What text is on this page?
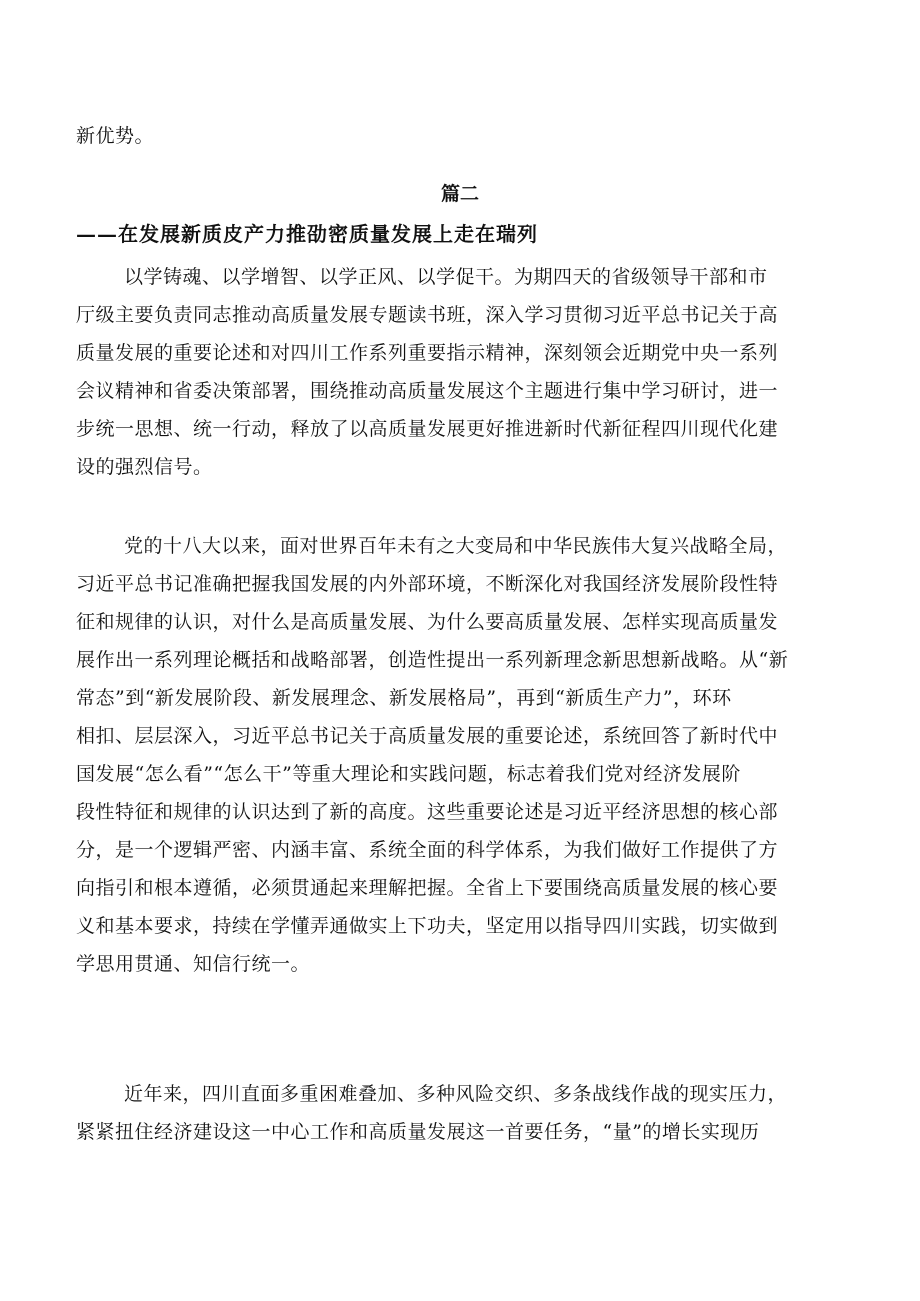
新优势。
篇二
——在发展新质皮产力推劭密质量发展上走在瑞列
以学铸魂、以学增智、以学正风、以学促干。为期四天的省级领导干部和市
厅级主要负责同志推动高质量发展专题读书班，深入学习贯彻习近平总书记关于高
质量发展的重要论述和对四川工作系列重要指示精神，深刻领会近期党中央一系列
会议精神和省委决策部署，围绕推动高质量发展这个主题进行集中学习研讨，进一
步统一思想、统一行动，释放了以高质量发展更好推进新时代新征程四川现代化建
设的强烈信号。
党的十八大以来，面对世界百年未有之大变局和中华民族伟大复兴战略全局，
习近平总书记准确把握我国发展的内外部环境，不断深化对我国经济发展阶段性特
征和规律的认识，对什么是高质量发展、为什么要高质量发展、怎样实现高质量发
展作出一系列理论概括和战略部署，创造性提出一系列新理念新思想新战略。从“新
常态”到“新发展阶段、新发展理念、新发展格局”，再到“新质生产力”，环环
相扣、层层深入，习近平总书记关于高质量发展的重要论述，系统回答了新时代中
国发展“怎么看”“怎么干”等重大理论和实践问题，标志着我们党对经济发展阶
段性特征和规律的认识达到了新的高度。这些重要论述是习近平经济思想的核心部
分，是一个逻辑严密、内涵丰富、系统全面的科学体系，为我们做好工作提供了方
向指引和根本遵循，必须贯通起来理解把握。全省上下要围绕高质量发展的核心要
义和基本要求，持续在学懂弄通做实上下功夫，坚定用以指导四川实践，切实做到
学思用贯通、知信行统一。
近年来，四川直面多重困难叠加、多种风险交织、多条战线作战的现实压力，
紧紧扭住经济建设这一中心工作和高质量发展这一首要任务，“量”的增长实现历
